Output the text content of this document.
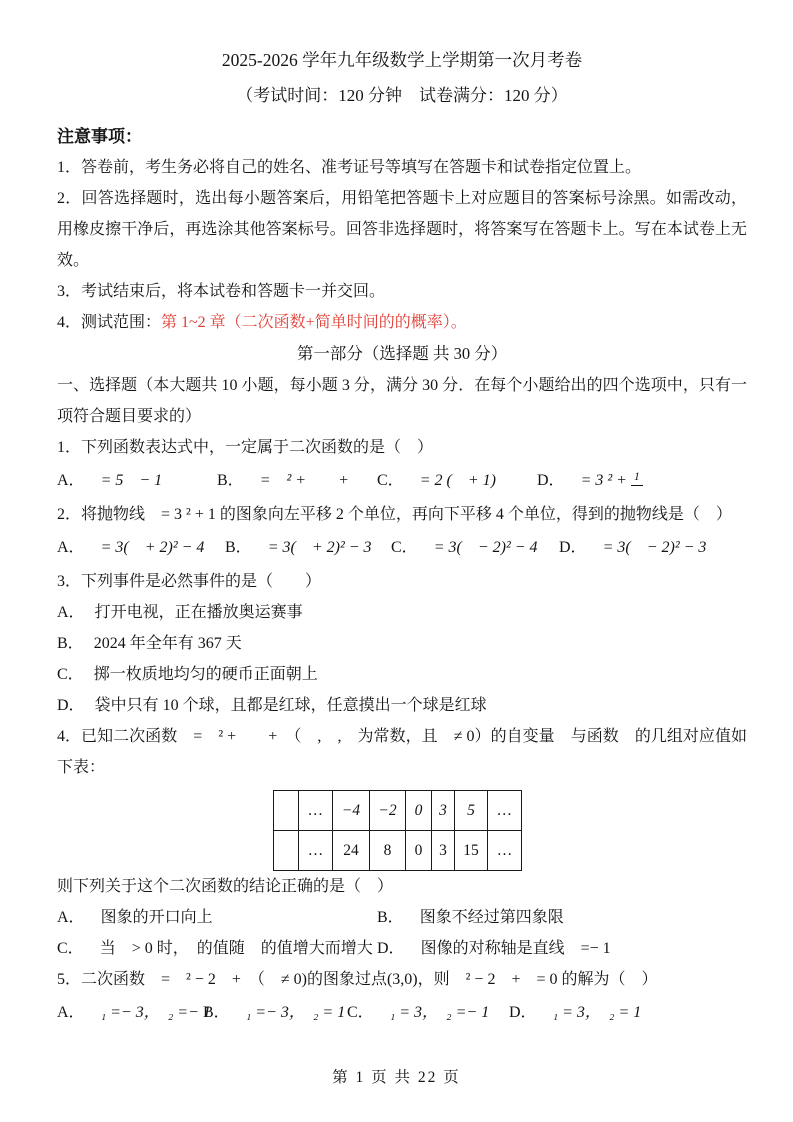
2025-2026 学年九年级数学上学期第一次月考卷
（考试时间：120 分钟　试卷满分：120 分）
注意事项：

1．答卷前，考生务必将自己的姓名、准考证号等填写在答题卡和试卷指定位置上。

2．回答选择题时，选出每小题答案后，用铅笔把答题卡上对应题目的答案标号涂黑。如需改动，用橡皮擦干净后，再选涂其他答案标号。回答非选择题时，将答案写在答题卡上。写在本试卷上无效。

3．考试结束后，将本试卷和答题卡一并交回。

4．测试范围：第 1~2 章（二次函数+简单时间的的概率）。

第一部分（选择题 共 30 分）

一、选择题（本大题共 10 小题，每小题 3 分，满分 30 分．在每个小题给出的四个选项中，只有一项符合题目要求的）

1．下列函数表达式中，一定属于二次函数的是（　）

A． = 5　− 1	B． =　² +　　+	C． = 2 (　+ 1)	D． = 3 ² + 1

2．将抛物线　= 3 ² + 1 的图象向左平移 2 个单位，再向下平移 4 个单位，得到的抛物线是（　）

A． = 3(　+ 2)² − 4	B． = 3(　+ 2)² − 3	C． = 3(　− 2)² − 4	D． = 3(　− 2)² − 3

3．下列事件是必然事件的是（　　）

A． 打开电视，正在播放奥运赛事

B． 2024 年全年有 367 天

C． 掷一枚质地均匀的硬币正面朝上

D． 袋中只有 10 个球，且都是红球，任意摸出一个球是红球

4．已知二次函数　=　² +　　+　（　,　,　为常数，且　≠ 0）的自变量　与函数　的几组对应值如下表：

	…	−4	−2	0	3	5	…
	…	24	8	0	3	15	…

则下列关于这个二次函数的结论正确的是（　）

A． 图象的开口向上	B． 图象不经过第四象限
C． 当　> 0 时，　的值随　的值增大而增大 D． 图像的对称轴是直线　=− 1

5．二次函数　=　² − 2　+　（　≠ 0)的图象过点(3,0)，则　² − 2　+　= 0 的解为（　）

A． ₁ =− 3，　₂ =− 1
B． ₁ =− 3，　₂ = 1 C． ₁ = 3，　₂ =− 1	D． ₁ = 3，　₂ = 1
第 1 页 共 22 页
